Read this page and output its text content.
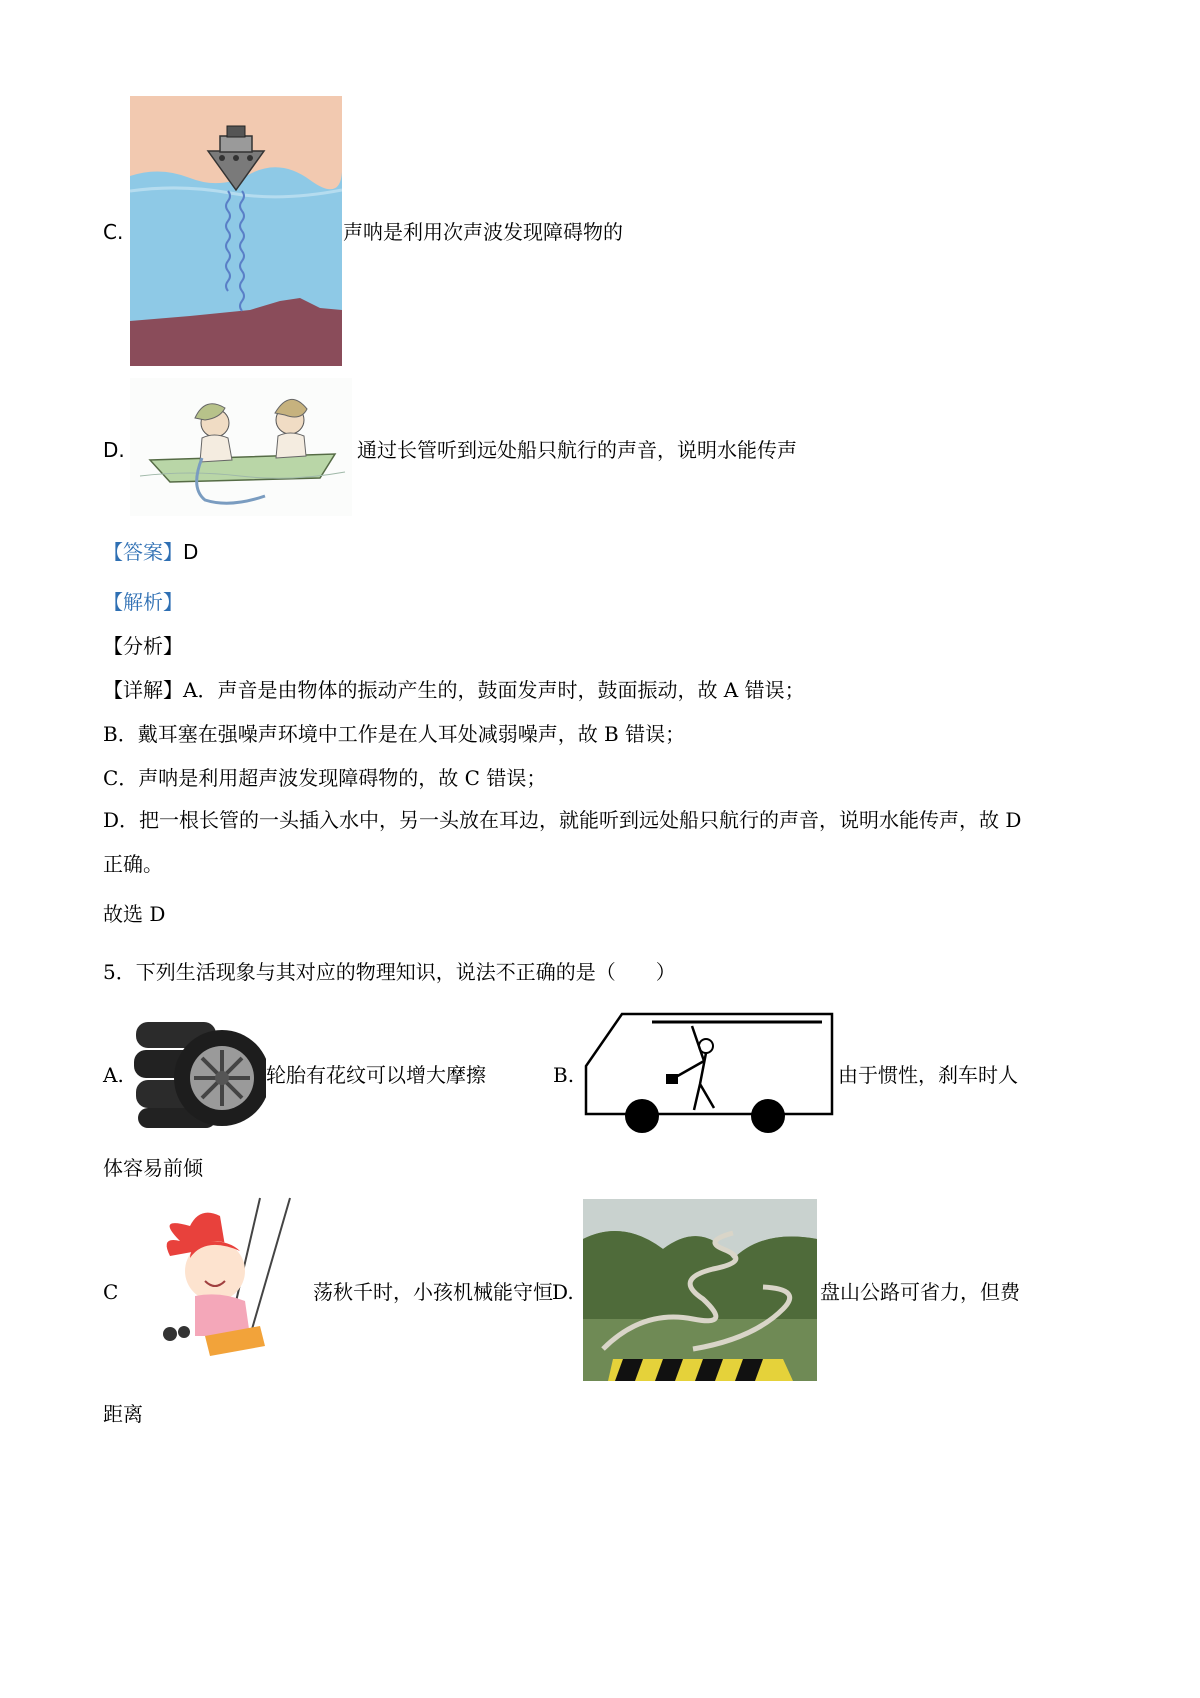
C.	声呐是利用次声波发现障碍物的
D.	通过长管听到远处船只航行的声音，说明水能传声
【答案】D
【解析】
【分析】
【详解】A．声音是由物体的振动产生的，鼓面发声时，鼓面振动，故 A 错误；
B．戴耳塞在强噪声环境中工作是在人耳处减弱噪声，故 B 错误；
C．声呐是利用超声波发现障碍物的，故 C 错误；
D．把一根长管的一头插入水中，另一头放在耳边，就能听到远处船只航行的声音，说明水能传声，故 D
正确。
故选 D
5．下列生活现象与其对应的物理知识，说法不正确的是（　　）
A.	轮胎有花纹可以增大摩擦	B.	由于惯性，刹车时人
体容易前倾
C	荡秋千时，小孩机械能守恒 D.	盘山公路可省力，但费
距离
